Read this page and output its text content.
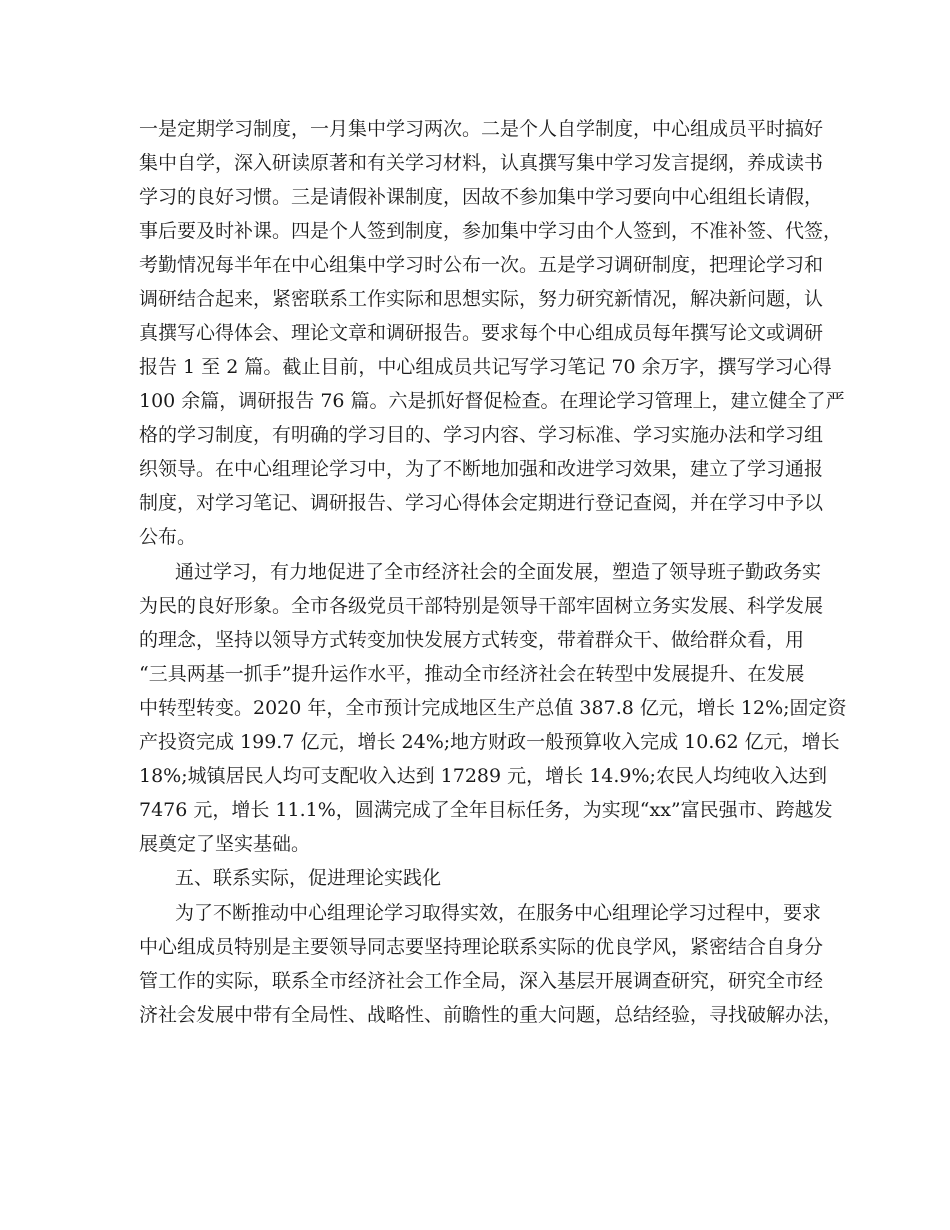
一是定期学习制度，一月集中学习两次。二是个人自学制度，中心组成员平时搞好
集中自学，深入研读原著和有关学习材料，认真撰写集中学习发言提纲，养成读书
学习的良好习惯。三是请假补课制度，因故不参加集中学习要向中心组组长请假，
事后要及时补课。四是个人签到制度，参加集中学习由个人签到，不准补签、代签，
考勤情况每半年在中心组集中学习时公布一次。五是学习调研制度，把理论学习和
调研结合起来，紧密联系工作实际和思想实际，努力研究新情况，解决新问题，认
真撰写心得体会、理论文章和调研报告。要求每个中心组成员每年撰写论文或调研
报告 1 至 2 篇。截止目前，中心组成员共记写学习笔记 70 余万字，撰写学习心得
100 余篇，调研报告 76 篇。六是抓好督促检查。在理论学习管理上，建立健全了严
格的学习制度，有明确的学习目的、学习内容、学习标准、学习实施办法和学习组
织领导。在中心组理论学习中，为了不断地加强和改进学习效果，建立了学习通报
制度，对学习笔记、调研报告、学习心得体会定期进行登记查阅，并在学习中予以
公布。
通过学习，有力地促进了全市经济社会的全面发展，塑造了领导班子勤政务实
为民的良好形象。全市各级党员干部特别是领导干部牢固树立务实发展、科学发展
的理念，坚持以领导方式转变加快发展方式转变，带着群众干、做给群众看，用
“三具两基一抓手”提升运作水平，推动全市经济社会在转型中发展提升、在发展
中转型转变。2020 年，全市预计完成地区生产总值 387.8 亿元，增长 12%;固定资
产投资完成 199.7 亿元，增长 24%;地方财政一般预算收入完成 10.62 亿元，增长
18%;城镇居民人均可支配收入达到 17289 元，增长 14.9%;农民人均纯收入达到
7476 元，增长 11.1%，圆满完成了全年目标任务，为实现“xx”富民强市、跨越发
展奠定了坚实基础。
五、联系实际，促进理论实践化
为了不断推动中心组理论学习取得实效，在服务中心组理论学习过程中，要求
中心组成员特别是主要领导同志要坚持理论联系实际的优良学风，紧密结合自身分
管工作的实际，联系全市经济社会工作全局，深入基层开展调查研究，研究全市经
济社会发展中带有全局性、战略性、前瞻性的重大问题，总结经验，寻找破解办法，
